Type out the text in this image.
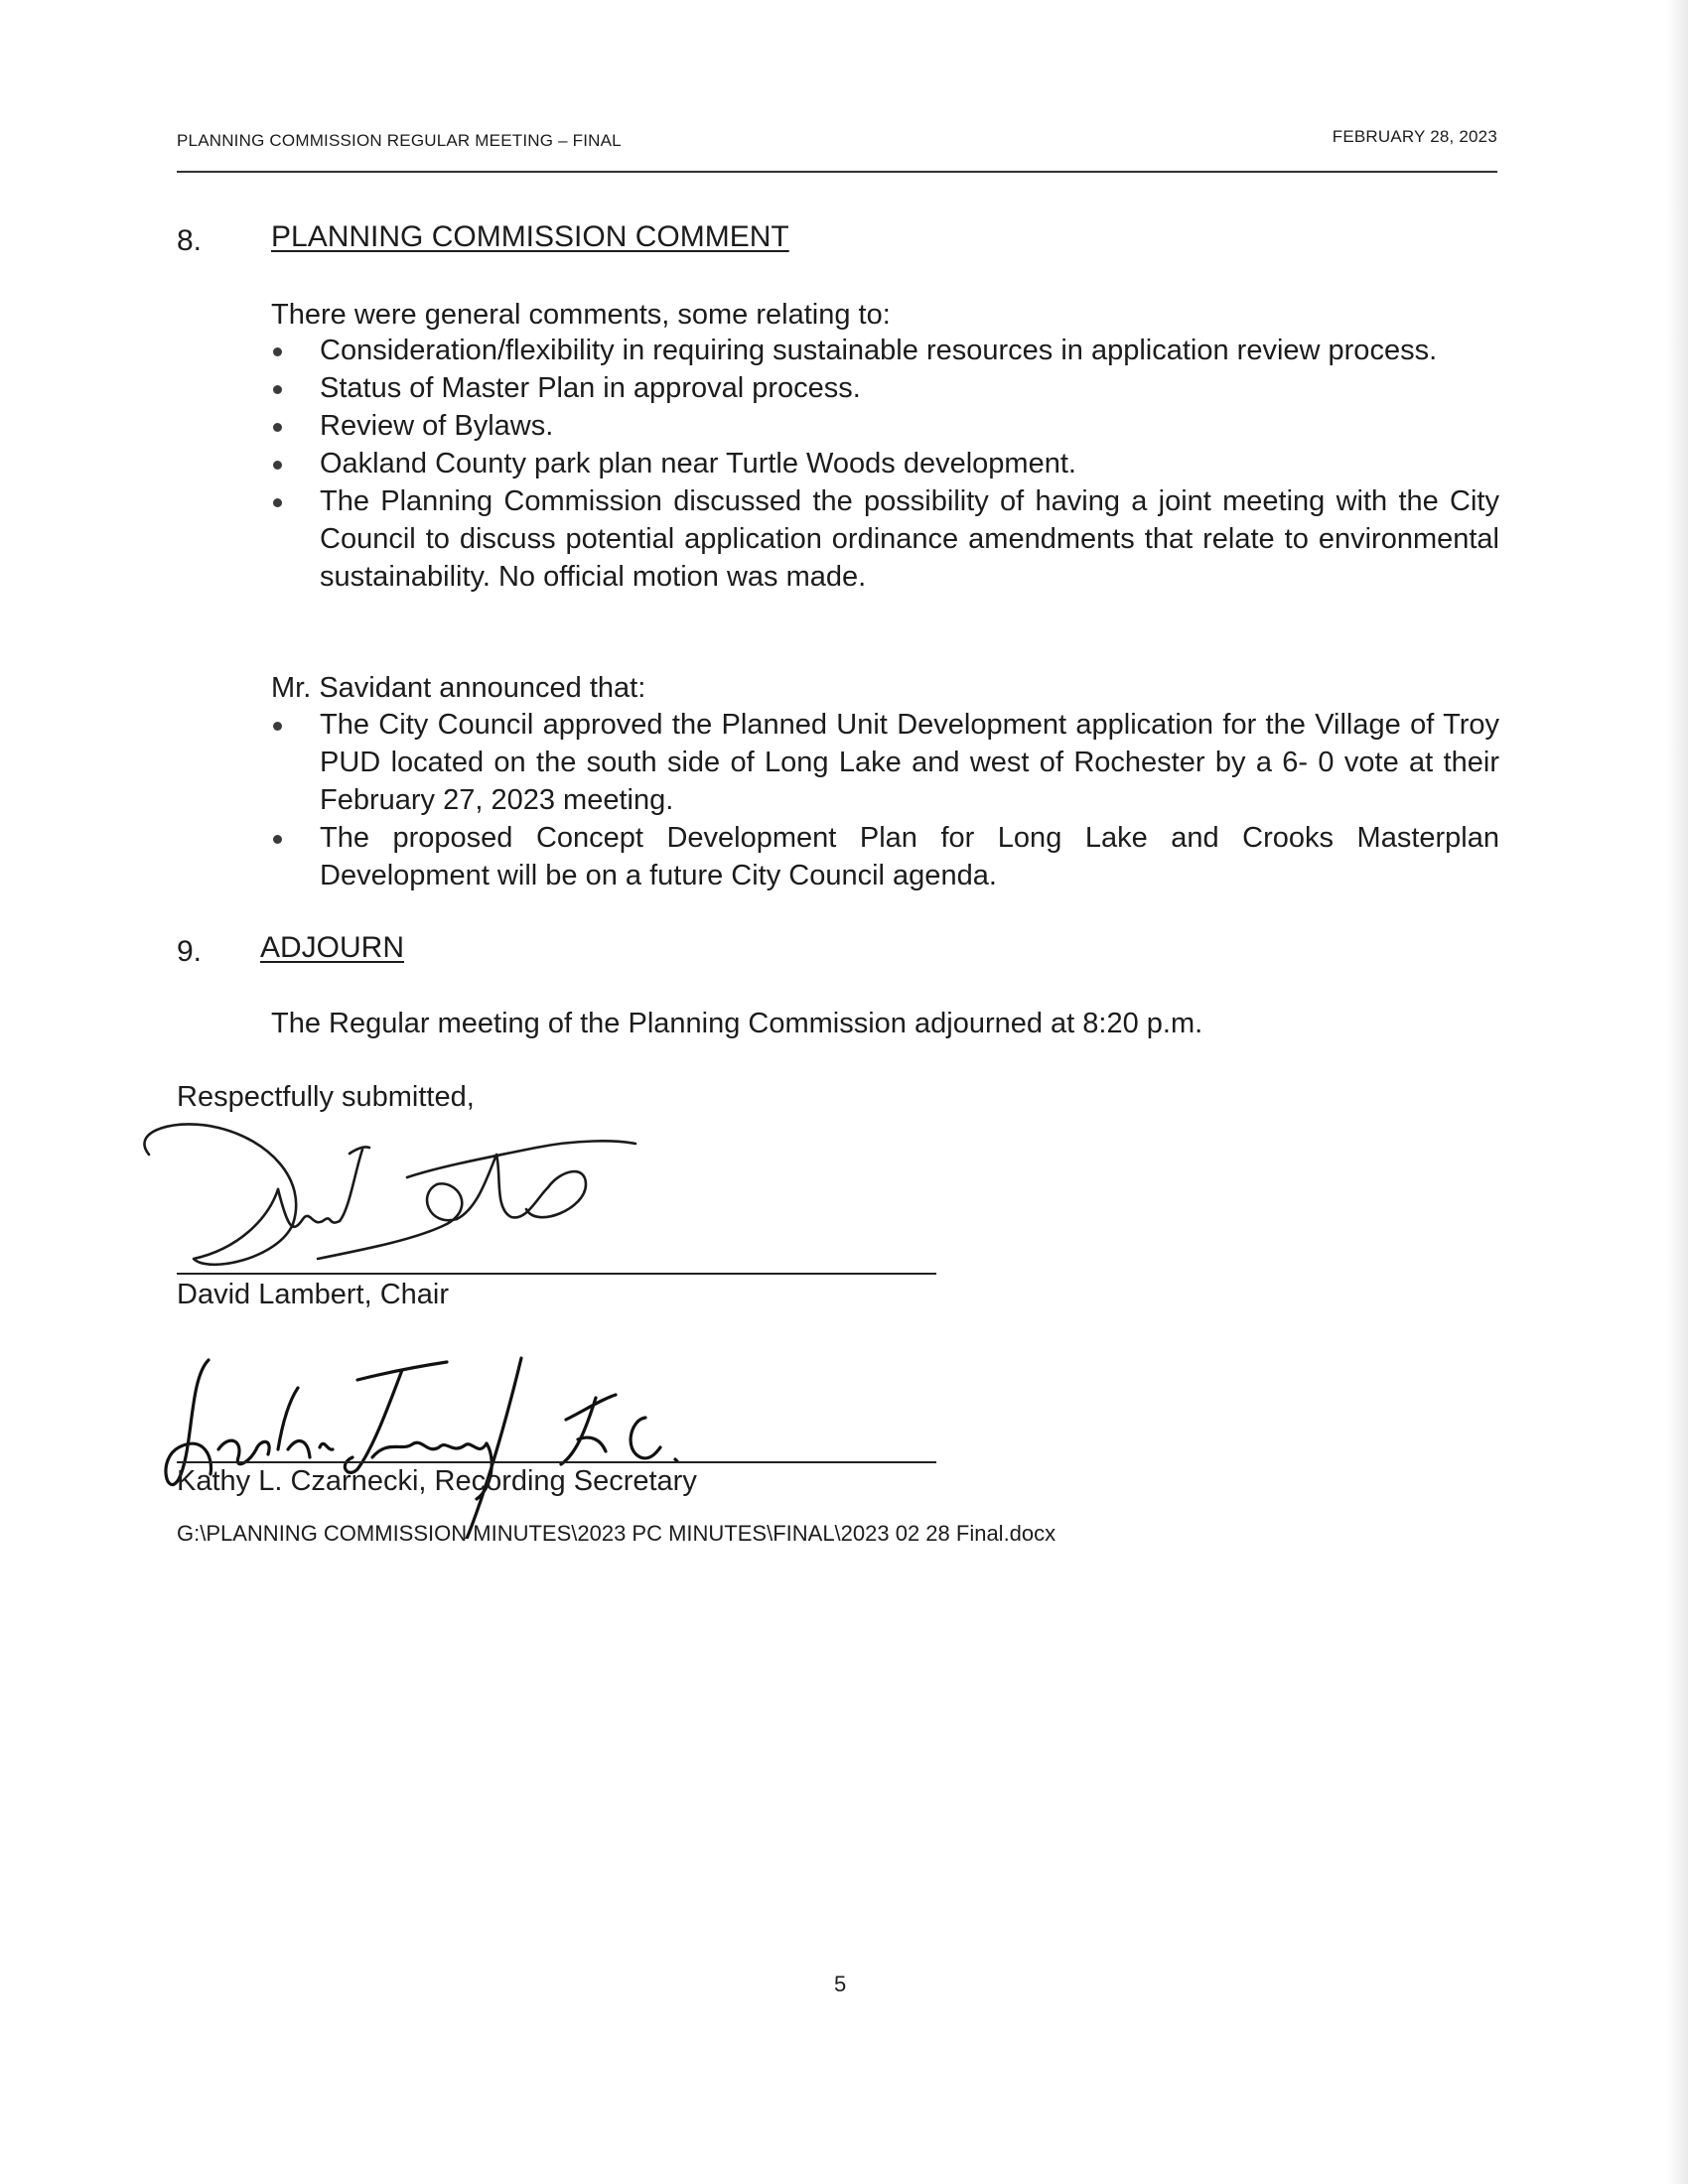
PLANNING COMMISSION REGULAR MEETING – FINAL	FEBRUARY 28, 2023
8. PLANNING COMMISSION COMMENT
There were general comments, some relating to:
Consideration/flexibility in requiring sustainable resources in application review process.
Status of Master Plan in approval process.
Review of Bylaws.
Oakland County park plan near Turtle Woods development.
The Planning Commission discussed the possibility of having a joint meeting with the City Council to discuss potential application ordinance amendments that relate to environmental sustainability. No official motion was made.
Mr. Savidant announced that:
The City Council approved the Planned Unit Development application for the Village of Troy PUD located on the south side of Long Lake and west of Rochester by a 6- 0 vote at their February 27, 2023 meeting.
The proposed Concept Development Plan for Long Lake and Crooks Masterplan Development will be on a future City Council agenda.
9. ADJOURN
The Regular meeting of the Planning Commission adjourned at 8:20 p.m.
Respectfully submitted,
David Lambert, Chair
Kathy L. Czarnecki, Recording Secretary
G:\PLANNING COMMISSION MINUTES\2023 PC MINUTES\FINAL\2023 02 28 Final.docx
5
